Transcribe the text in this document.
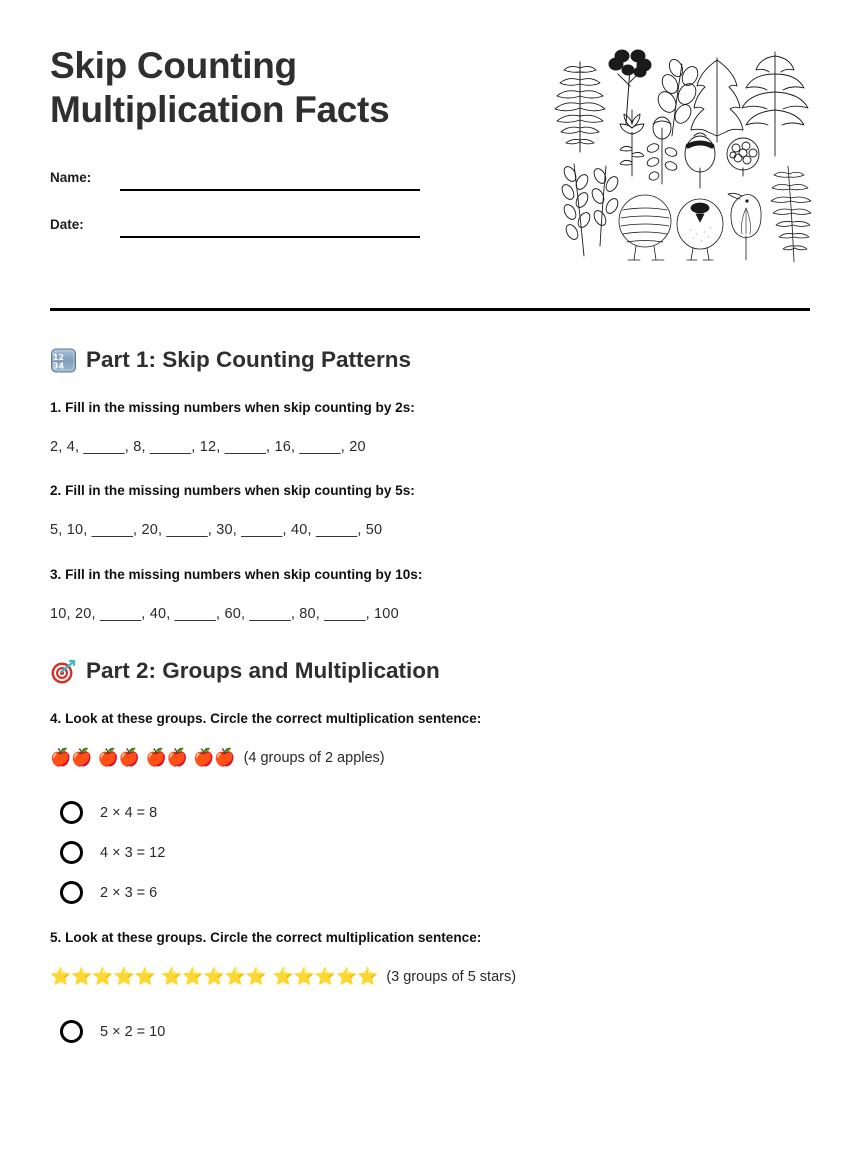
Skip Counting
Multiplication Facts
Name:
Date:
12
34 Part 1: Skip Counting Patterns

1. Fill in the missing numbers when skip counting by 2s:

2, 4, _____, 8, _____, 12, _____, 16, _____, 20

2. Fill in the missing numbers when skip counting by 5s:

5, 10, _____, 20, _____, 30, _____, 40, _____, 50

3. Fill in the missing numbers when skip counting by 10s:

10, 20, _____, 40, _____, 60, _____, 80, _____, 100

Part 2: Groups and Multiplication

4. Look at these groups. Circle the correct multiplication sentence:

🍎🍎 🍎🍎 🍎🍎 🍎🍎 (4 groups of 2 apples)
2 × 4 = 8
4 × 3 = 12
2 × 3 = 6

5. Look at these groups. Circle the correct multiplication sentence:

⭐⭐⭐⭐⭐ ⭐⭐⭐⭐⭐ ⭐⭐⭐⭐⭐ (3 groups of 5 stars)
5 × 2 = 10
